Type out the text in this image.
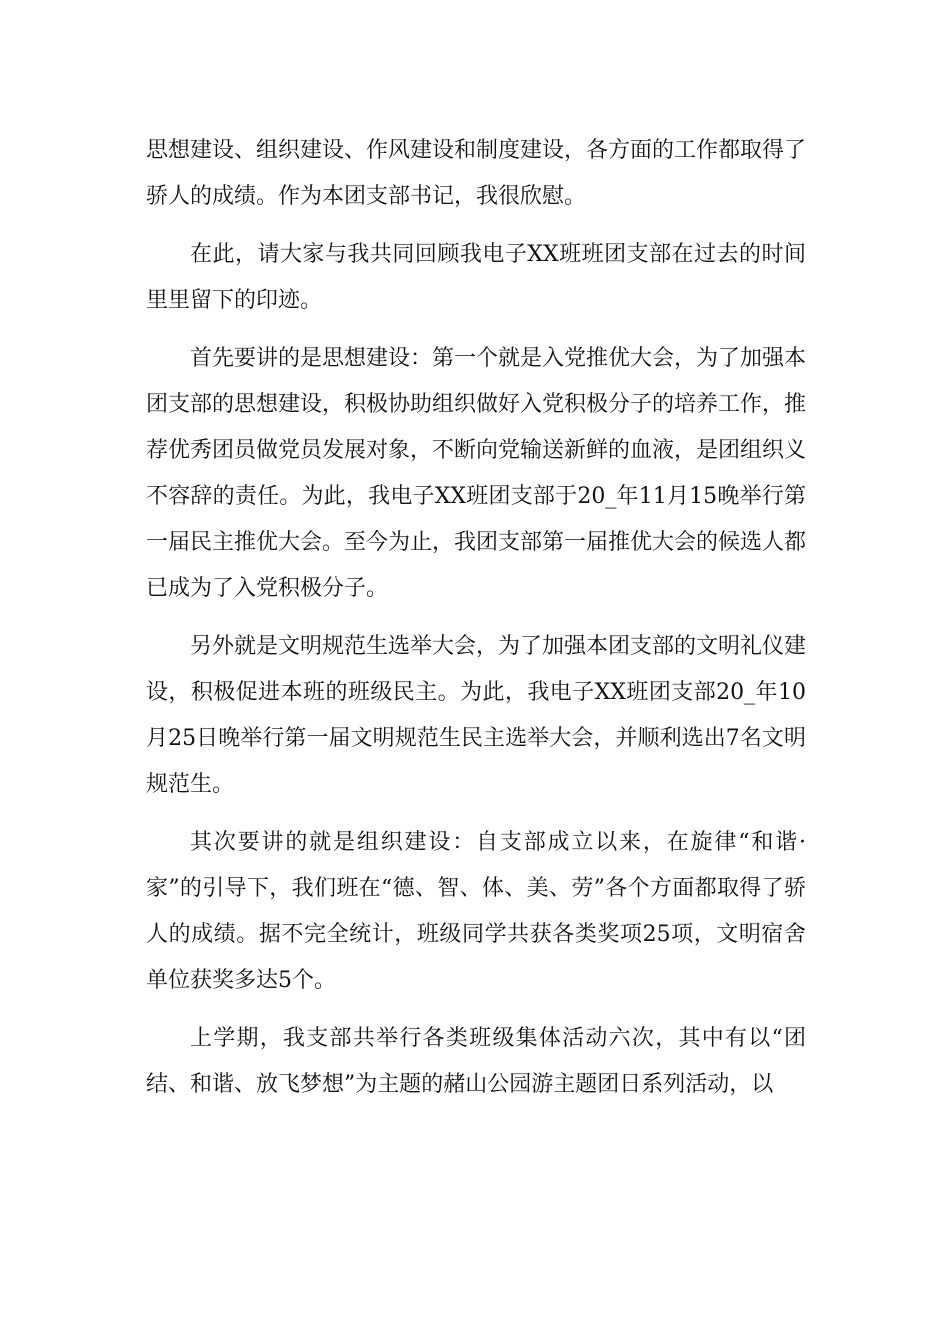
思想建设、组织建设、作风建设和制度建设，各方面的工作都取得了骄人的成绩。作为本团支部书记，我很欣慰。

在此，请大家与我共同回顾我电子XX班班团支部在过去的时间里里留下的印迹。

首先要讲的是思想建设：第一个就是入党推优大会，为了加强本团支部的思想建设，积极协助组织做好入党积极分子的培养工作，推荐优秀团员做党员发展对象，不断向党输送新鲜的血液，是团组织义不容辞的责任。为此，我电子XX班团支部于20_年11月15晚举行第一届民主推优大会。至今为止，我团支部第一届推优大会的候选人都已成为了入党积极分子。

另外就是文明规范生选举大会，为了加强本团支部的文明礼仪建设，积极促进本班的班级民主。为此，我电子XX班团支部20_年10月25日晚举行第一届文明规范生民主选举大会，并顺利选出7名文明规范生。

其次要讲的就是组织建设：自支部成立以来，在旋律“和谐·家”的引导下，我们班在“德、智、体、美、劳”各个方面都取得了骄人的成绩。据不完全统计，班级同学共获各类奖项25项，文明宿舍单位获奖多达5个。

上学期，我支部共举行各类班级集体活动六次，其中有以“团结、和谐、放飞梦想”为主题的赭山公园游主题团日系列活动，以
